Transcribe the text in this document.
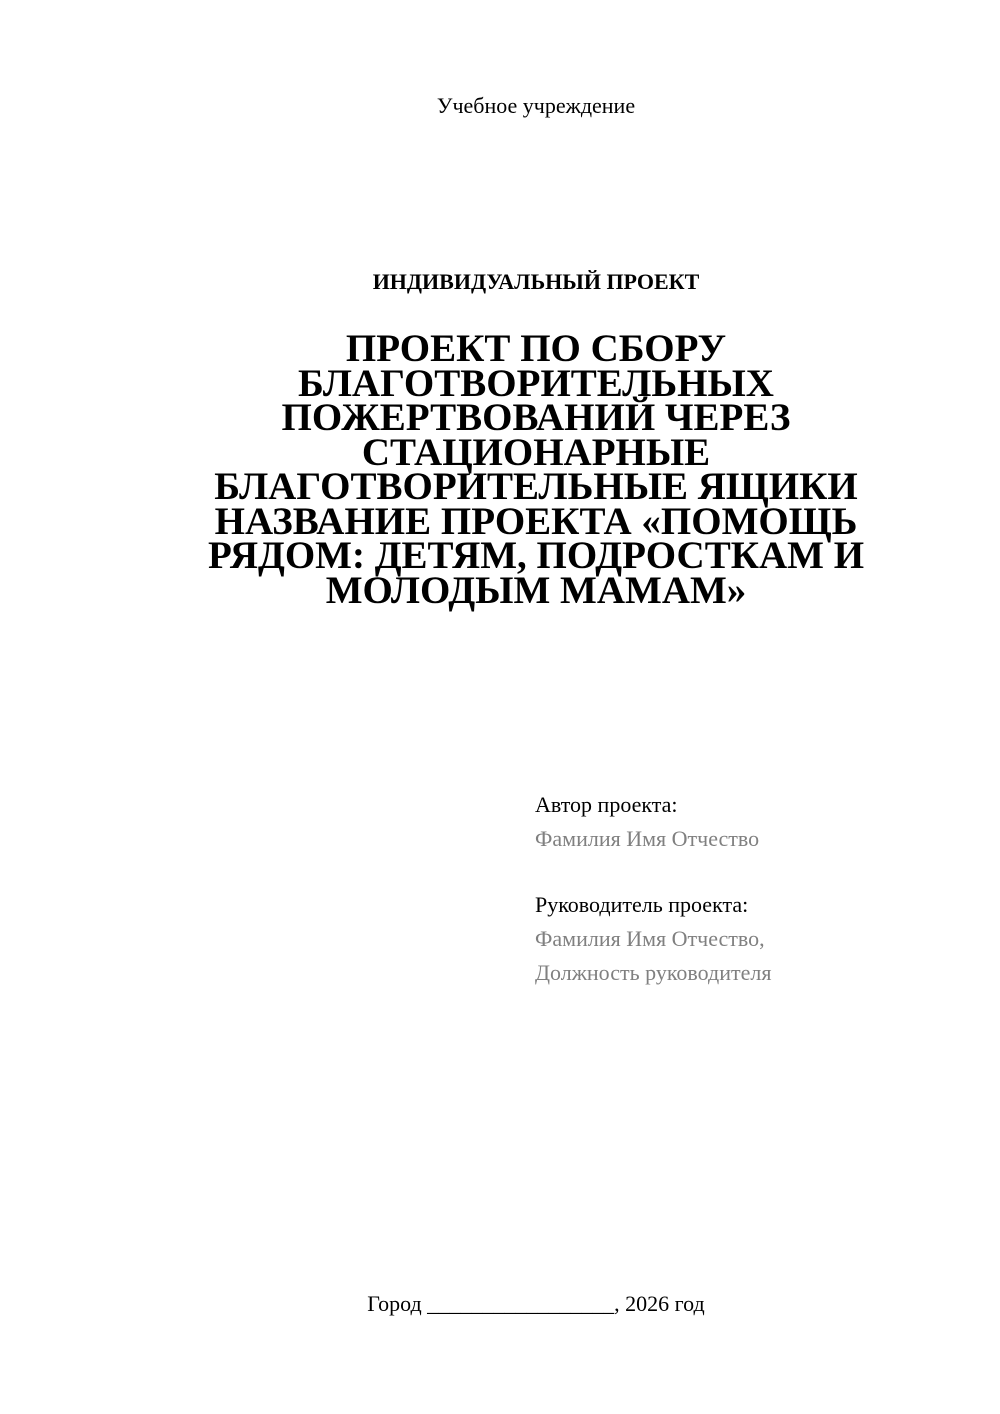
Учебное учреждение
ИНДИВИДУАЛЬНЫЙ ПРОЕКТ
ПРОЕКТ ПО СБОРУ
БЛАГОТВОРИТЕЛЬНЫХ
ПОЖЕРТВОВАНИЙ ЧЕРЕЗ
СТАЦИОНАРНЫЕ
БЛАГОТВОРИТЕЛЬНЫЕ ЯЩИКИ
НАЗВАНИЕ ПРОЕКТА «ПОМОЩЬ
РЯДОМ: ДЕТЯМ, ПОДРОСТКАМ И
МОЛОДЫМ МАМАМ»
Автор проекта:
Фамилия Имя Отчество
Руководитель проекта:
Фамилия Имя Отчество,
Должность руководителя
Город _________________, 2026 год
